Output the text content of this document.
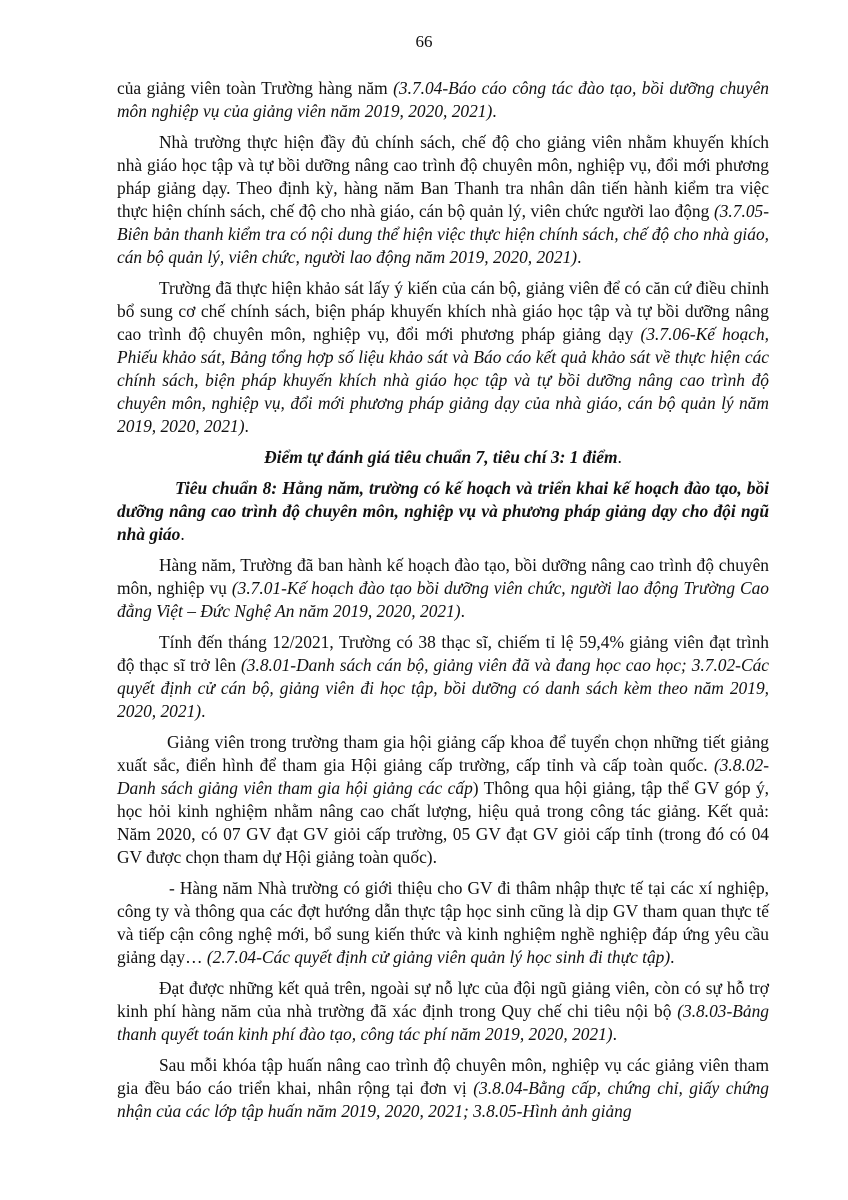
66

của giảng viên toàn Trường hàng năm (3.7.04-Báo cáo công tác đào tạo, bồi dưỡng chuyên môn nghiệp vụ của giảng viên năm 2019, 2020, 2021).

Nhà trường thực hiện đầy đủ chính sách, chế độ cho giảng viên nhằm khuyến khích nhà giáo học tập và tự bồi dưỡng nâng cao trình độ chuyên môn, nghiệp vụ, đổi mới phương pháp giảng dạy. Theo định kỳ, hàng năm Ban Thanh tra nhân dân tiến hành kiểm tra việc thực hiện chính sách, chế độ cho nhà giáo, cán bộ quản lý, viên chức người lao động (3.7.05-Biên bản thanh kiểm tra có nội dung thể hiện việc thực hiện chính sách, chế độ cho nhà giáo, cán bộ quản lý, viên chức, người lao động năm 2019, 2020, 2021).

Trường đã thực hiện khảo sát lấy ý kiến của cán bộ, giảng viên để có căn cứ điều chỉnh bổ sung cơ chế chính sách, biện pháp khuyến khích nhà giáo học tập và tự bồi dưỡng nâng cao trình độ chuyên môn, nghiệp vụ, đổi mới phương pháp giảng dạy (3.7.06-Kế hoạch, Phiếu khảo sát, Bảng tổng hợp số liệu khảo sát và Báo cáo kết quả khảo sát về thực hiện các chính sách, biện pháp khuyến khích nhà giáo học tập và tự bồi dưỡng nâng cao trình độ chuyên môn, nghiệp vụ, đổi mới phương pháp giảng dạy của nhà giáo, cán bộ quản lý năm 2019, 2020, 2021).

Điểm tự đánh giá tiêu chuẩn 7, tiêu chí 3: 1 điểm.

Tiêu chuẩn 8: Hằng năm, trường có kế hoạch và triển khai kế hoạch đào tạo, bồi dưỡng nâng cao trình độ chuyên môn, nghiệp vụ và phương pháp giảng dạy cho đội ngũ nhà giáo.

Hàng năm, Trường đã ban hành kế hoạch đào tạo, bồi dưỡng nâng cao trình độ chuyên môn, nghiệp vụ (3.7.01-Kế hoạch đào tạo bồi dưỡng viên chức, người lao động Trường Cao đẳng Việt – Đức Nghệ An năm 2019, 2020, 2021).

Tính đến tháng 12/2021, Trường có 38 thạc sĩ, chiếm tỉ lệ 59,4% giảng viên đạt trình độ thạc sĩ trở lên (3.8.01-Danh sách cán bộ, giảng viên đã và đang học cao học; 3.7.02-Các quyết định cử cán bộ, giảng viên đi học tập, bồi dưỡng có danh sách kèm theo năm 2019, 2020, 2021).

Giảng viên trong trường tham gia hội giảng cấp khoa để tuyển chọn những tiết giảng xuất sắc, điển hình để tham gia Hội giảng cấp trường, cấp tỉnh và cấp toàn quốc. (3.8.02-Danh sách giảng viên tham gia hội giảng các cấp) Thông qua hội giảng, tập thể GV góp ý, học hỏi kinh nghiệm nhằm nâng cao chất lượng, hiệu quả trong công tác giảng. Kết quả: Năm 2020, có 07 GV đạt GV giỏi cấp trường, 05 GV đạt GV giỏi cấp tỉnh (trong đó có 04 GV được chọn tham dự Hội giảng toàn quốc).

- Hàng năm Nhà trường có giới thiệu cho GV đi thâm nhập thực tế tại các xí nghiệp, công ty và thông qua các đợt hướng dẫn thực tập học sinh cũng là dịp GV tham quan thực tế và tiếp cận công nghệ mới, bổ sung kiến thức và kinh nghiệm nghề nghiệp đáp ứng yêu cầu giảng dạy… (2.7.04-Các quyết định cử giảng viên quản lý học sinh đi thực tập).

Đạt được những kết quả trên, ngoài sự nỗ lực của đội ngũ giảng viên, còn có sự hỗ trợ kinh phí hàng năm của nhà trường đã xác định trong Quy chế chi tiêu nội bộ (3.8.03-Bảng thanh quyết toán kinh phí đào tạo, công tác phí năm 2019, 2020, 2021).

Sau mỗi khóa tập huấn nâng cao trình độ chuyên môn, nghiệp vụ các giảng viên tham gia đều báo cáo triển khai, nhân rộng tại đơn vị (3.8.04-Bằng cấp, chứng chỉ, giấy chứng nhận của các lớp tập huấn năm 2019, 2020, 2021; 3.8.05-Hình ảnh giảng
